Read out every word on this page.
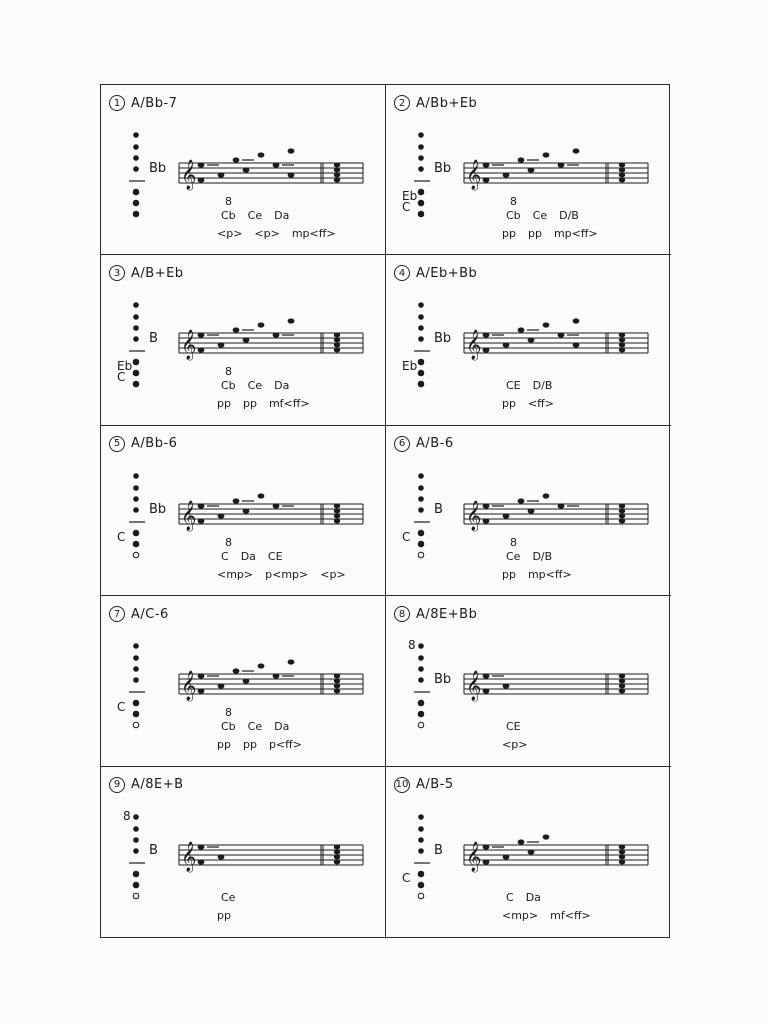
1 A/Bb-7
𝄞
Bb
8
Cb Ce Da
<p> <p> mp<ff>
2 A/Bb+Eb
𝄞
Bb
Eb
C	8
Cb Ce D/B
pp pp mp<ff>
3 A/B+Eb
𝄞
B
Eb
C	8
Cb Ce Da
pp pp mf<ff>
4 A/Eb+Bb
𝄞
Bb
Eb
CE D/B
pp <ff>
5 A/Bb-6
𝄞
Bb
C	8
C Da CE
<mp> p<mp> <p>
6 A/B-6
𝄞
B
C	8
Ce D/B
pp mp<ff>
7 A/C-6
𝄞
C	8
Cb Ce Da
pp pp p<ff>
8 A/8E+Bb
𝄞
Bb
8
CE
<p>
9 A/8E+B
𝄞
B
8
Ce
pp
10 A/B-5
𝄞
B
C
C Da
<mp> mf<ff>
